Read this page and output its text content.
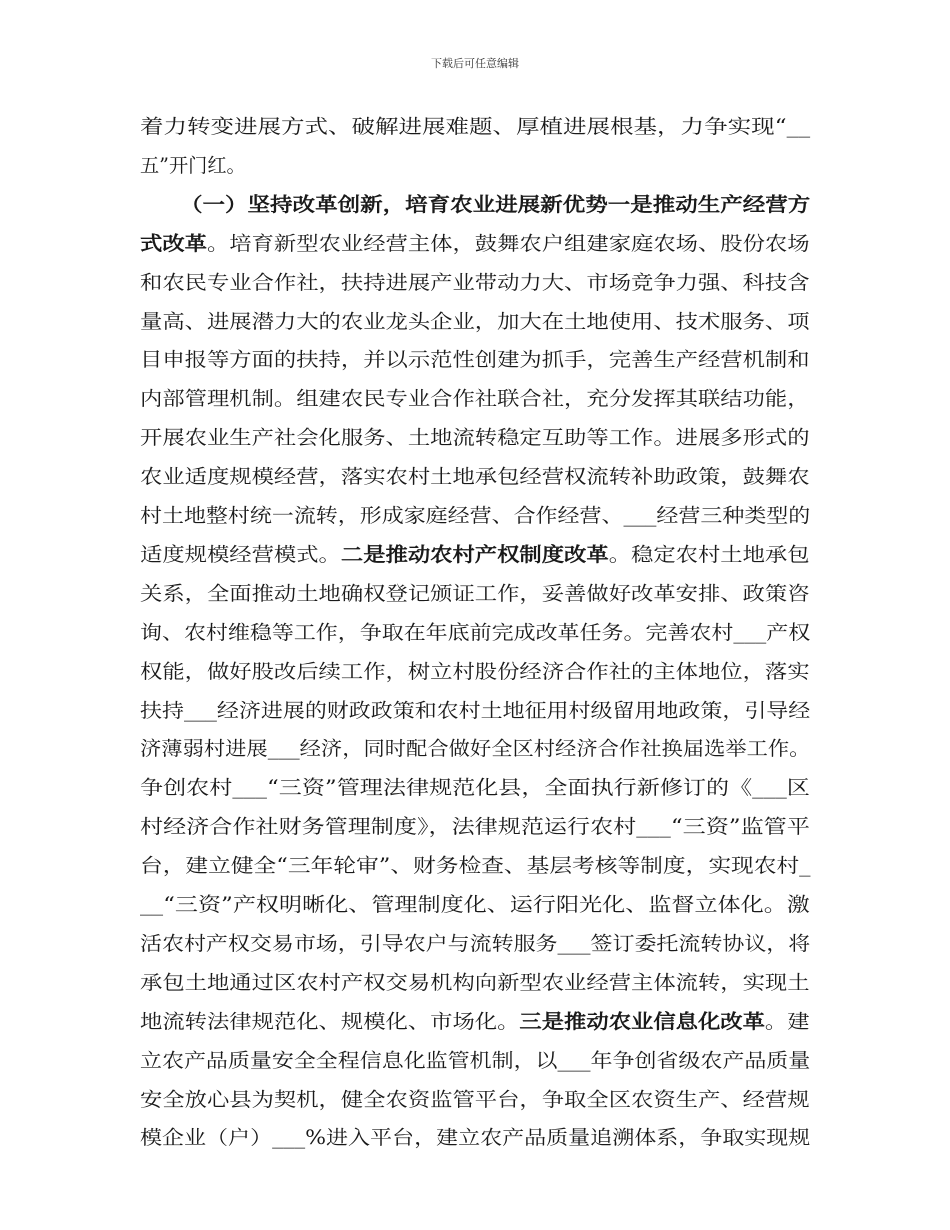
下载后可任意编辑
着力转变进展方式、破解进展难题、厚植进展根基，力争实现“__
五”开门红。
（一）坚持改革创新，培育农业进展新优势一是推动生产经营方
式改革。培育新型农业经营主体，鼓舞农户组建家庭农场、股份农场
和农民专业合作社，扶持进展产业带动力大、市场竞争力强、科技含
量高、进展潜力大的农业龙头企业，加大在土地使用、技术服务、项
目申报等方面的扶持，并以示范性创建为抓手，完善生产经营机制和
内部管理机制。组建农民专业合作社联合社，充分发挥其联结功能，
开展农业生产社会化服务、土地流转稳定互助等工作。进展多形式的
农业适度规模经营，落实农村土地承包经营权流转补助政策，鼓舞农
村土地整村统一流转，形成家庭经营、合作经营、___经营三种类型的
适度规模经营模式。二是推动农村产权制度改革。稳定农村土地承包
关系，全面推动土地确权登记颁证工作，妥善做好改革安排、政策咨
询、农村维稳等工作，争取在年底前完成改革任务。完善农村___产权
权能，做好股改后续工作，树立村股份经济合作社的主体地位，落实
扶持___经济进展的财政政策和农村土地征用村级留用地政策，引导经
济薄弱村进展___经济，同时配合做好全区村经济合作社换届选举工作。
争创农村___“三资”管理法律规范化县，全面执行新修订的《___区
村经济合作社财务管理制度》，法律规范运行农村___“三资”监管平
台，建立健全“三年轮审”、财务检查、基层考核等制度，实现农村_
__“三资”产权明晰化、管理制度化、运行阳光化、监督立体化。激
活农村产权交易市场，引导农户与流转服务___签订委托流转协议，将
承包土地通过区农村产权交易机构向新型农业经营主体流转，实现土
地流转法律规范化、规模化、市场化。三是推动农业信息化改革。建
立农产品质量安全全程信息化监管机制，以___年争创省级农产品质量
安全放心县为契机，健全农资监管平台，争取全区农资生产、经营规
模企业（户）___%进入平台，建立农产品质量追溯体系，争取实现规
